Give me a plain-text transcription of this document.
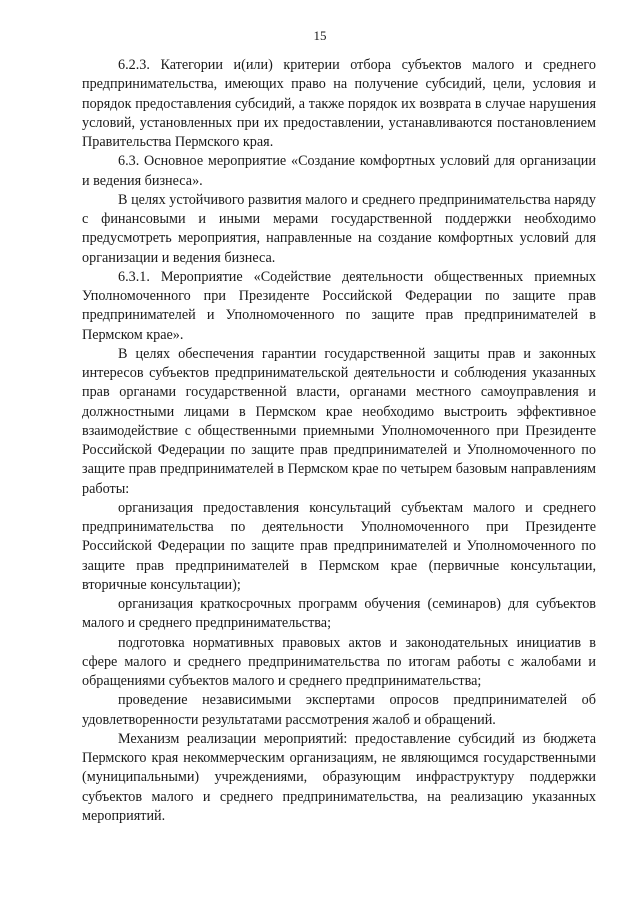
15

6.2.3. Категории и(или) критерии отбора субъектов малого и среднего предпринимательства, имеющих право на получение субсидий, цели, условия и порядок предоставления субсидий, а также порядок их возврата в случае нарушения условий, установленных при их предоставлении, устанавливаются постановлением Правительства Пермского края.

6.3. Основное мероприятие «Создание комфортных условий для организации и ведения бизнеса».

В целях устойчивого развития малого и среднего предпринимательства наряду с финансовыми и иными мерами государственной поддержки необходимо предусмотреть мероприятия, направленные на создание комфортных условий для организации и ведения бизнеса.

6.3.1. Мероприятие «Содействие деятельности общественных приемных Уполномоченного при Президенте Российской Федерации по защите прав предпринимателей и Уполномоченного по защите прав предпринимателей в Пермском крае».

В целях обеспечения гарантии государственной защиты прав и законных интересов субъектов предпринимательской деятельности и соблюдения указанных прав органами государственной власти, органами местного самоуправления и должностными лицами в Пермском крае необходимо выстроить эффективное взаимодействие с общественными приемными Уполномоченного при Президенте Российской Федерации по защите прав предпринимателей и Уполномоченного по защите прав предпринимателей в Пермском крае по четырем базовым направлениям работы:

организация предоставления консультаций субъектам малого и среднего предпринимательства по деятельности Уполномоченного при Президенте Российской Федерации по защите прав предпринимателей и Уполномоченного по защите прав предпринимателей в Пермском крае (первичные консультации, вторичные консультации);

организация краткосрочных программ обучения (семинаров) для субъектов малого и среднего предпринимательства;

подготовка нормативных правовых актов и законодательных инициатив в сфере малого и среднего предпринимательства по итогам работы с жалобами и обращениями субъектов малого и среднего предпринимательства;

проведение независимыми экспертами опросов предпринимателей об удовлетворенности результатами рассмотрения жалоб и обращений.

Механизм реализации мероприятий: предоставление субсидий из бюджета Пермского края некоммерческим организациям, не являющимся государственными (муниципальными) учреждениями, образующим инфраструктуру поддержки субъектов малого и среднего предпринимательства, на реализацию указанных мероприятий.
